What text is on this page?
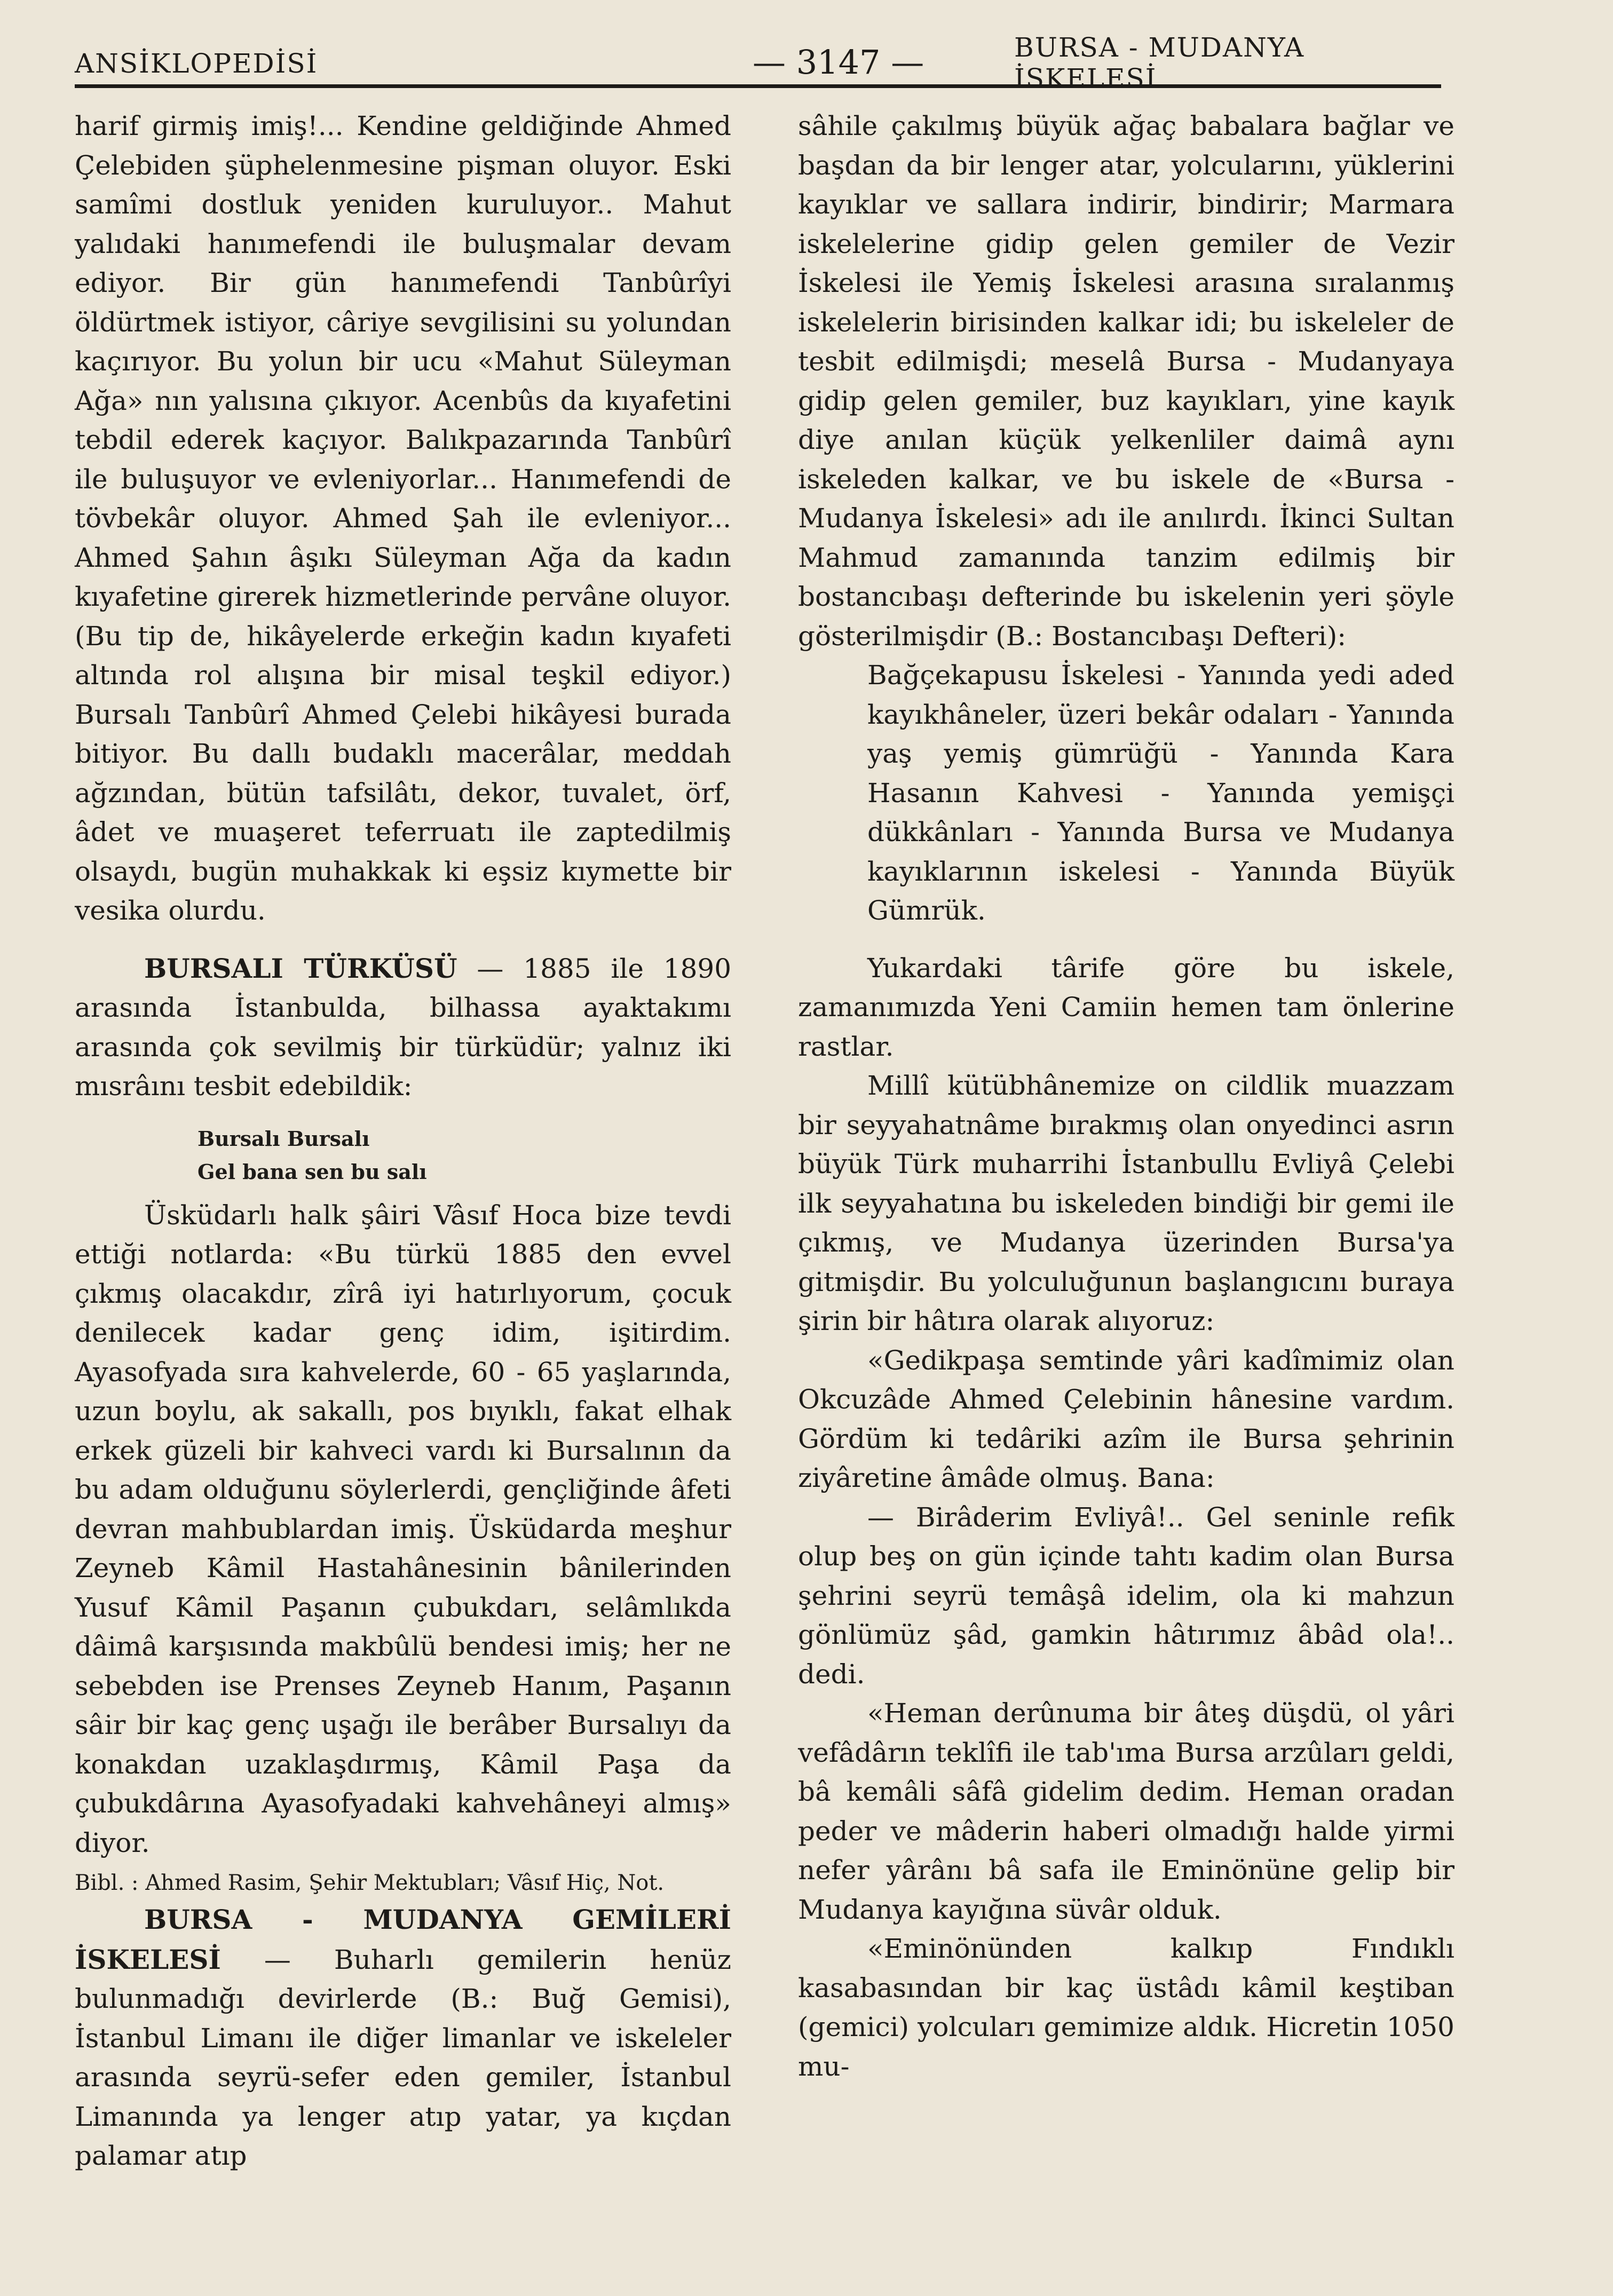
ANSİKLOPEDİSİ	— 3147 —	BURSA - MUDANYA İSKELESİ

harif girmiş imiş!... Kendine geldiğinde Ahmed Çelebiden şüphelenmesine pişman oluyor. Eski samîmi dostluk yeniden kuruluyor.. Mahut yalıdaki hanımefendi ile buluşmalar devam ediyor. Bir gün hanımefendi Tanbûrîyi öldürtmek istiyor, câriye sevgilisini su yolundan kaçırıyor. Bu yolun bir ucu «Mahut Süleyman Ağa» nın yalısına çıkıyor. Acenbûs da kıyafetini tebdil ederek kaçıyor. Balıkpazarında Tanbûrî ile buluşuyor ve evleniyorlar... Hanımefendi de tövbekâr oluyor. Ahmed Şah ile evleniyor... Ahmed Şahın âşıkı Süleyman Ağa da kadın kıyafetine girerek hizmetlerinde pervâne oluyor. (Bu tip de, hikâyelerde erkeğin kadın kıyafeti altında rol alışına bir misal teşkil ediyor.) Bursalı Tanbûrî Ahmed Çelebi hikâyesi burada bitiyor. Bu dallı budaklı macerâlar, meddah ağzından, bütün tafsilâtı, dekor, tuvalet, örf, âdet ve muaşeret teferruatı ile zaptedilmiş olsaydı, bugün muhakkak ki eşsiz kıymette bir vesika olurdu.

BURSALI TÜRKÜSÜ — 1885 ile 1890 arasında İstanbulda, bilhassa ayaktakımı arasında çok sevilmiş bir türküdür; yalnız iki mısrâını tesbit edebildik:

Bursalı Bursalı

Gel bana sen bu salı

Üsküdarlı halk şâiri Vâsıf Hoca bize tevdi ettiği notlarda: «Bu türkü 1885 den evvel çıkmış olacakdır, zîrâ iyi hatırlıyorum, çocuk denilecek kadar genç idim, işitirdim. Ayasofyada sıra kahvelerde, 60 - 65 yaşlarında, uzun boylu, ak sakallı, pos bıyıklı, fakat elhak erkek güzeli bir kahveci vardı ki Bursalının da bu adam olduğunu söylerlerdi, gençliğinde âfeti devran mahbublardan imiş. Üsküdarda meşhur Zeyneb Kâmil Hastahânesinin bânilerinden Yusuf Kâmil Paşanın çubukdarı, selâmlıkda dâimâ karşısında makbûlü bendesi imiş; her ne sebebden ise Prenses Zeyneb Hanım, Paşanın sâir bir kaç genç uşağı ile berâber Bursalıyı da konakdan uzaklaşdırmış, Kâmil Paşa da çubukdârına Ayasofyadaki kahvehâneyi almış» diyor.

Bibl. : Ahmed Rasim, Şehir Mektubları; Vâsıf Hiç, Not.

BURSA - MUDANYA GEMİLERİ İSKELESİ — Buharlı gemilerin henüz bulunmadığı devirlerde (B.: Buğ Gemisi), İstanbul Limanı ile diğer limanlar ve iskeleler arasında seyrü-sefer eden gemiler, İstanbul Limanında ya lenger atıp yatar, ya kıçdan palamar atıp

sâhile çakılmış büyük ağaç babalara bağlar ve başdan da bir lenger atar, yolcularını, yüklerini kayıklar ve sallara indirir, bindirir; Marmara iskelelerine gidip gelen gemiler de Vezir İskelesi ile Yemiş İskelesi arasına sıralanmış iskelelerin birisinden kalkar idi; bu iskeleler de tesbit edilmişdi; meselâ Bursa - Mudanyaya gidip gelen gemiler, buz kayıkları, yine kayık diye anılan küçük yelkenliler daimâ aynı iskeleden kalkar, ve bu iskele de «Bursa - Mudanya İskelesi» adı ile anılırdı. İkinci Sultan Mahmud zamanında tanzim edilmiş bir bostancıbaşı defterinde bu iskelenin yeri şöyle gösterilmişdir (B.: Bostancıbaşı Defteri):

Bağçekapusu İskelesi - Yanında yedi aded kayıkhâneler, üzeri bekâr odaları - Yanında yaş yemiş gümrüğü - Yanında Kara Hasanın Kahvesi - Yanında yemişçi dükkânları - Yanında Bursa ve Mudanya kayıklarının iskelesi - Yanında Büyük Gümrük.

Yukardaki târife göre bu iskele, zamanımızda Yeni Camiin hemen tam önlerine rastlar.

Millî kütübhânemize on cildlik muazzam bir seyyahatnâme bırakmış olan onyedinci asrın büyük Türk muharrihi İstanbullu Evliyâ Çelebi ilk seyyahatına bu iskeleden bindiği bir gemi ile çıkmış, ve Mudanya üzerinden Bursa'ya gitmişdir. Bu yolculuğunun başlangıcını buraya şirin bir hâtıra olarak alıyoruz:

«Gedikpaşa semtinde yâri kadîmimiz olan Okcuzâde Ahmed Çelebinin hânesine vardım. Gördüm ki tedâriki azîm ile Bursa şehrinin ziyâretine âmâde olmuş. Bana:

— Birâderim Evliyâ!.. Gel seninle refik olup beş on gün içinde tahtı kadim olan Bursa şehrini seyrü temâşâ idelim, ola ki mahzun gönlümüz şâd, gamkin hâtırımız âbâd ola!.. dedi.

«Heman derûnuma bir âteş düşdü, ol yâri vefâdârın teklîfi ile tab'ıma Bursa arzûları geldi, bâ kemâli sâfâ gidelim dedim. Heman oradan peder ve mâderin haberi olmadığı halde yirmi nefer yârânı bâ safa ile Eminönüne gelip bir Mudanya kayığına süvâr olduk.

«Eminönünden kalkıp Fındıklı kasabasından bir kaç üstâdı kâmil keştiban (gemici) yolcuları gemimize aldık. Hicretin 1050 mu-
